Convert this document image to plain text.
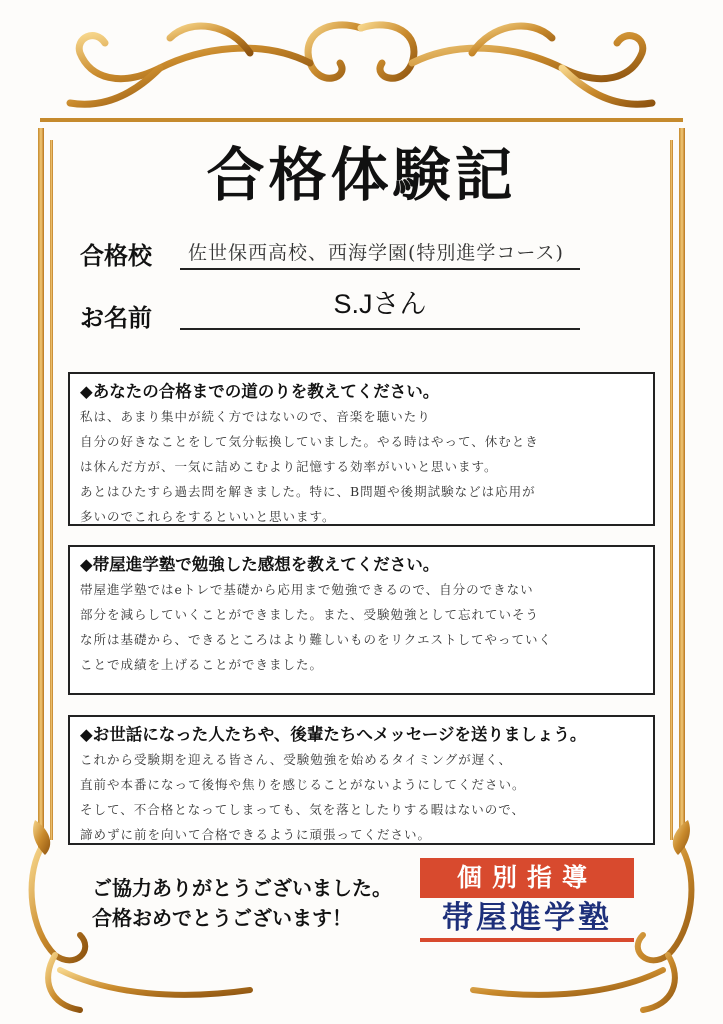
合格体験記
合格校	佐世保西高校、西海学園(特別進学コース)
お名前	S.Jさん
◆あなたの合格までの道のりを教えてください。
私は、あまり集中が続く方ではないので、音楽を聴いたり
自分の好きなことをして気分転換していました。やる時はやって、休むとき
は休んだ方が、一気に詰めこむより記憶する効率がいいと思います。
あとはひたすら過去問を解きました。特に、B問題や後期試験などは応用が
多いのでこれらをするといいと思います。
◆帯屋進学塾で勉強した感想を教えてください。
帯屋進学塾ではeトレで基礎から応用まで勉強できるので、自分のできない
部分を減らしていくことができました。また、受験勉強として忘れていそう
な所は基礎から、できるところはより難しいものをリクエストしてやっていく
ことで成績を上げることができました。
◆お世話になった人たちや、後輩たちへメッセージを送りましょう。
これから受験期を迎える皆さん、受験勉強を始めるタイミングが遅く、
直前や本番になって後悔や焦りを感じることがないようにしてください。
そして、不合格となってしまっても、気を落としたりする暇はないので、
諦めずに前を向いて合格できるように頑張ってください。
ご協力ありがとうございました。
合格おめでとうございます！
個別指導
帯屋進学塾
